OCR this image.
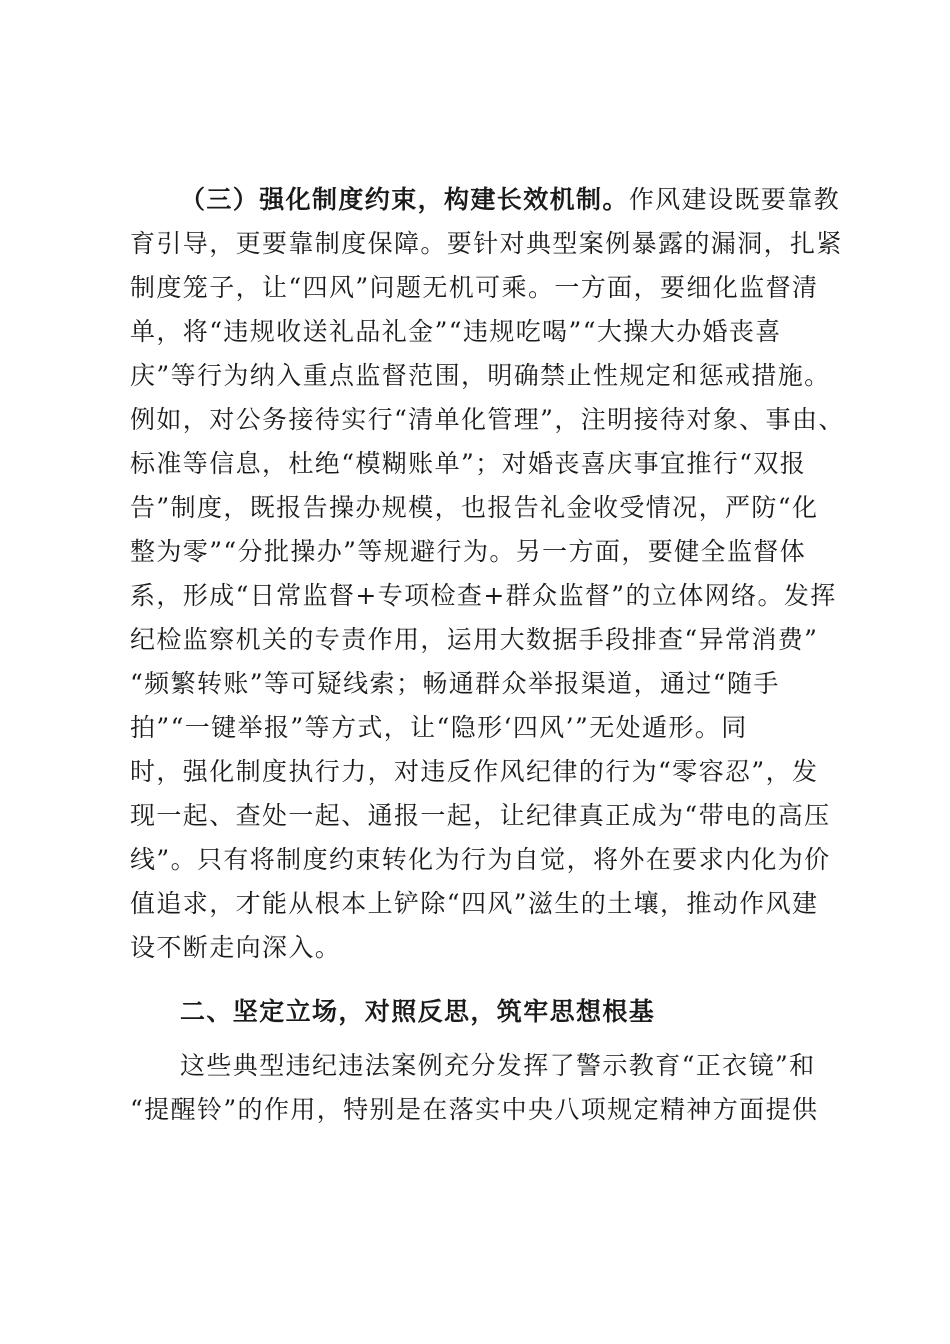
（三）强化制度约束，构建长效机制。作风建设既要靠教
育引导，更要靠制度保障。要针对典型案例暴露的漏洞，扎紧
制度笼子，让“四风”问题无机可乘。一方面，要细化监督清
单，将“违规收送礼品礼金”“违规吃喝”“大操大办婚丧喜
庆”等行为纳入重点监督范围，明确禁止性规定和惩戒措施。
例如，对公务接待实行“清单化管理”，注明接待对象、事由、
标准等信息，杜绝“模糊账单”；对婚丧喜庆事宜推行“双报
告”制度，既报告操办规模，也报告礼金收受情况，严防“化
整为零”“分批操办”等规避行为。另一方面，要健全监督体
系，形成“日常监督+专项检查+群众监督”的立体网络。发挥
纪检监察机关的专责作用，运用大数据手段排查“异常消费”
“频繁转账”等可疑线索；畅通群众举报渠道，通过“随手
拍”“一键举报”等方式，让“隐形‘四风’”无处遁形。同
时，强化制度执行力，对违反作风纪律的行为“零容忍”，发
现一起、查处一起、通报一起，让纪律真正成为“带电的高压
线”。只有将制度约束转化为行为自觉，将外在要求内化为价
值追求，才能从根本上铲除“四风”滋生的土壤，推动作风建
设不断走向深入。
二、坚定立场，对照反思，筑牢思想根基
这些典型违纪违法案例充分发挥了警示教育“正衣镜”和
“提醒铃”的作用，特别是在落实中央八项规定精神方面提供
